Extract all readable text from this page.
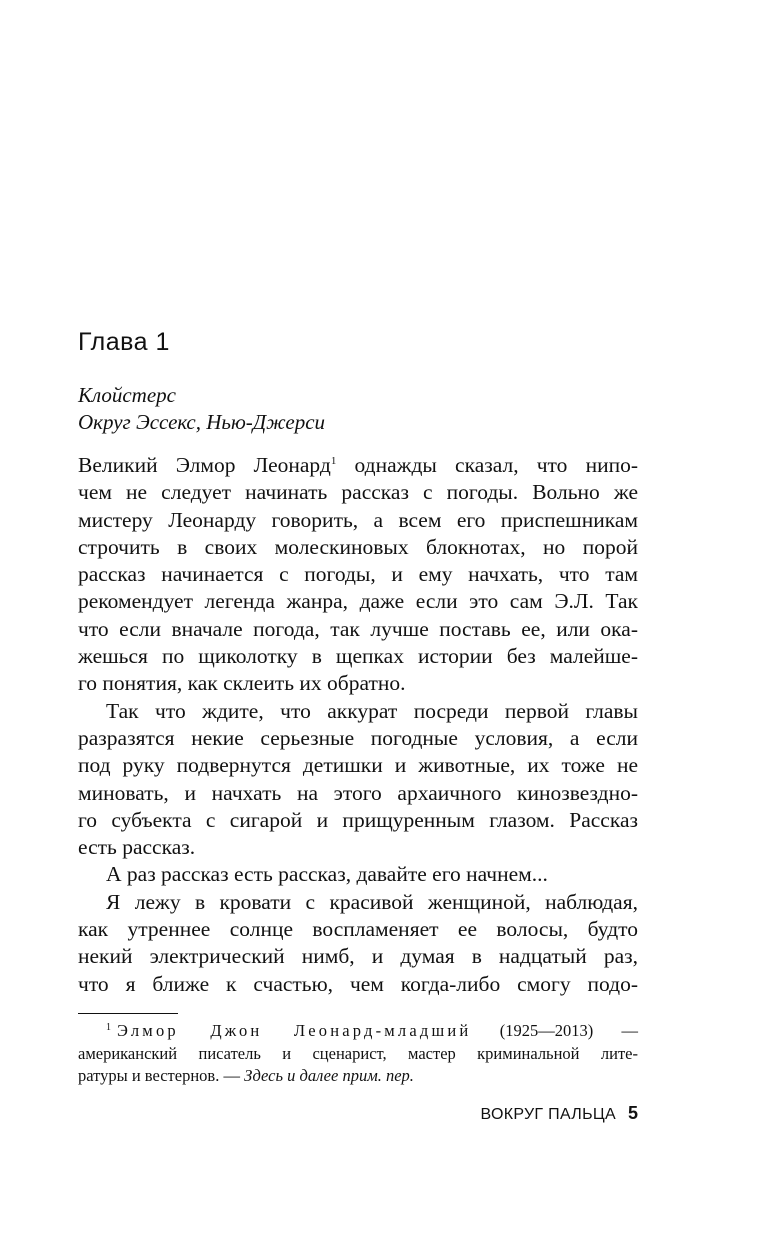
Глава 1
Клойстерс
Округ Эссекс, Нью-Джерси
Великий Элмор Леонард$^1$ однажды сказал, что нипо-
чем не следует начинать рассказ с погоды. Вольно же
мистеру Леонарду говорить, а всем его приспешникам
строчить в своих молескиновых блокнотах, но порой
рассказ начинается с погоды, и ему начхать, что там
рекомендует легенда жанра, даже если это сам Э.Л. Так
что если вначале погода, так лучше поставь ее, или ока-
жешься по щиколотку в щепках истории без малейше-
го понятия, как склеить их обратно.
Так что ждите, что аккурат посреди первой главы
разразятся некие серьезные погодные условия, а если
под руку подвернутся детишки и животные, их тоже не
миновать, и начхать на этого архаичного кинозвездно-
го субъекта с сигарой и прищуренным глазом. Рассказ
есть рассказ.
А раз рассказ есть рассказ, давайте его начнем...
Я лежу в кровати с красивой женщиной, наблюдая,
как утреннее солнце воспламеняет ее волосы, будто
некий электрический нимб, и думая в надцатый раз,
что я ближе к счастью, чем когда-либо смогу подо-
$^1$ Элмор Джон Леонард-младший (1925—2013) —
американский писатель и сценарист, мастер криминальной лите-
ратуры и вестернов. — Здесь и далее прим. пер.
ВОКРУГ ПАЛЬЦА 5
